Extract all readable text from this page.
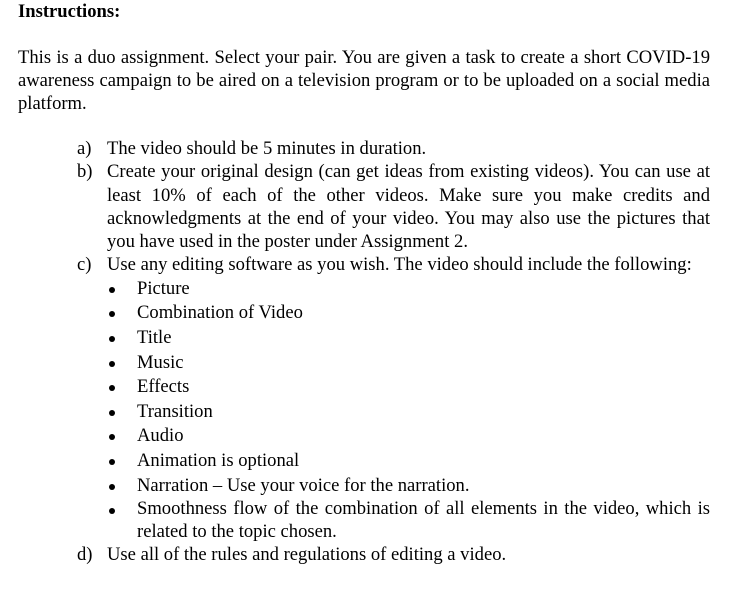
Instructions:

This is a duo assignment. Select your pair. You are given a task to create a short COVID-19 awareness campaign to be aired on a television program or to be uploaded on a social media platform.

a) The video should be 5 minutes in duration.
b) Create your original design (can get ideas from existing videos). You can use at least 10% of each of the other videos. Make sure you make credits and acknowledgments at the end of your video. You may also use the pictures that you have used in the poster under Assignment 2.
c) Use any editing software as you wish. The video should include the following:
Picture
Combination of Video
Title
Music
Effects
Transition
Audio
Animation is optional
Narration – Use your voice for the narration.
Smoothness flow of the combination of all elements in the video, which is related to the topic chosen.
d) Use all of the rules and regulations of editing a video.
